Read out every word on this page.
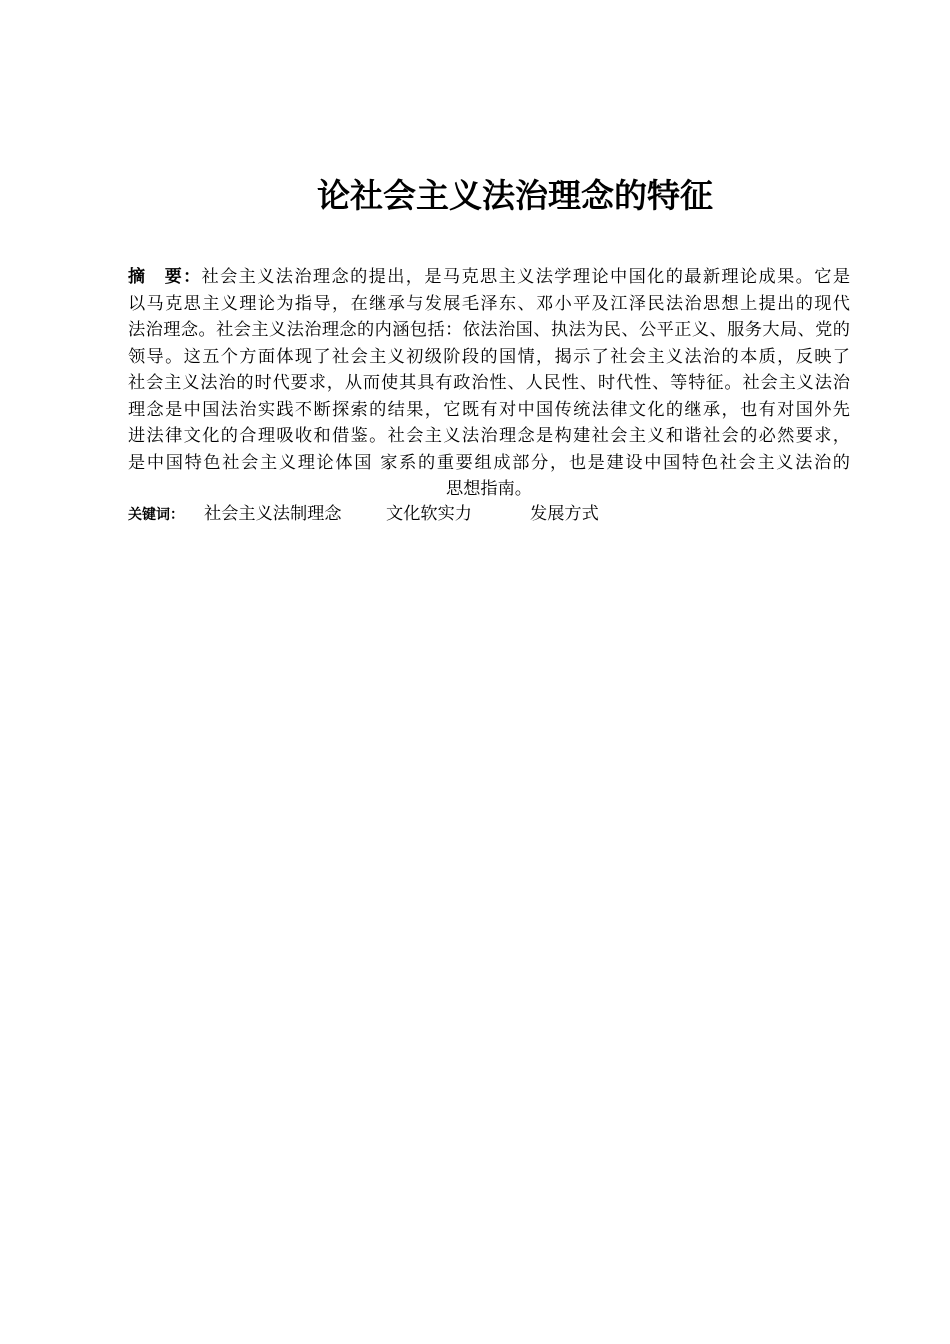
论社会主义法治理念的特征
摘　要：社会主义法治理念的提出，是马克思主义法学理论中国化的最新理论成果。它是
以马克思主义理论为指导，在继承与发展毛泽东、邓小平及江泽民法治思想上提出的现代
法治理念。社会主义法治理念的内涵包括：依法治国、执法为民、公平正义、服务大局、党的
领导。这五个方面体现了社会主义初级阶段的国情，揭示了社会主义法治的本质，反映了
社会主义法治的时代要求，从而使其具有政治性、人民性、时代性、等特征。社会主义法治
理念是中国法治实践不断探索的结果，它既有对中国传统法律文化的继承，也有对国外先
进法律文化的合理吸收和借鉴。社会主义法治理念是构建社会主义和谐社会的必然要求，
是中国特色社会主义理论体国 家系的重要组成部分，也是建设中国特色社会主义法治的
思想指南。
关键词： 社会主义法制理念	文化软实力	发展方式
